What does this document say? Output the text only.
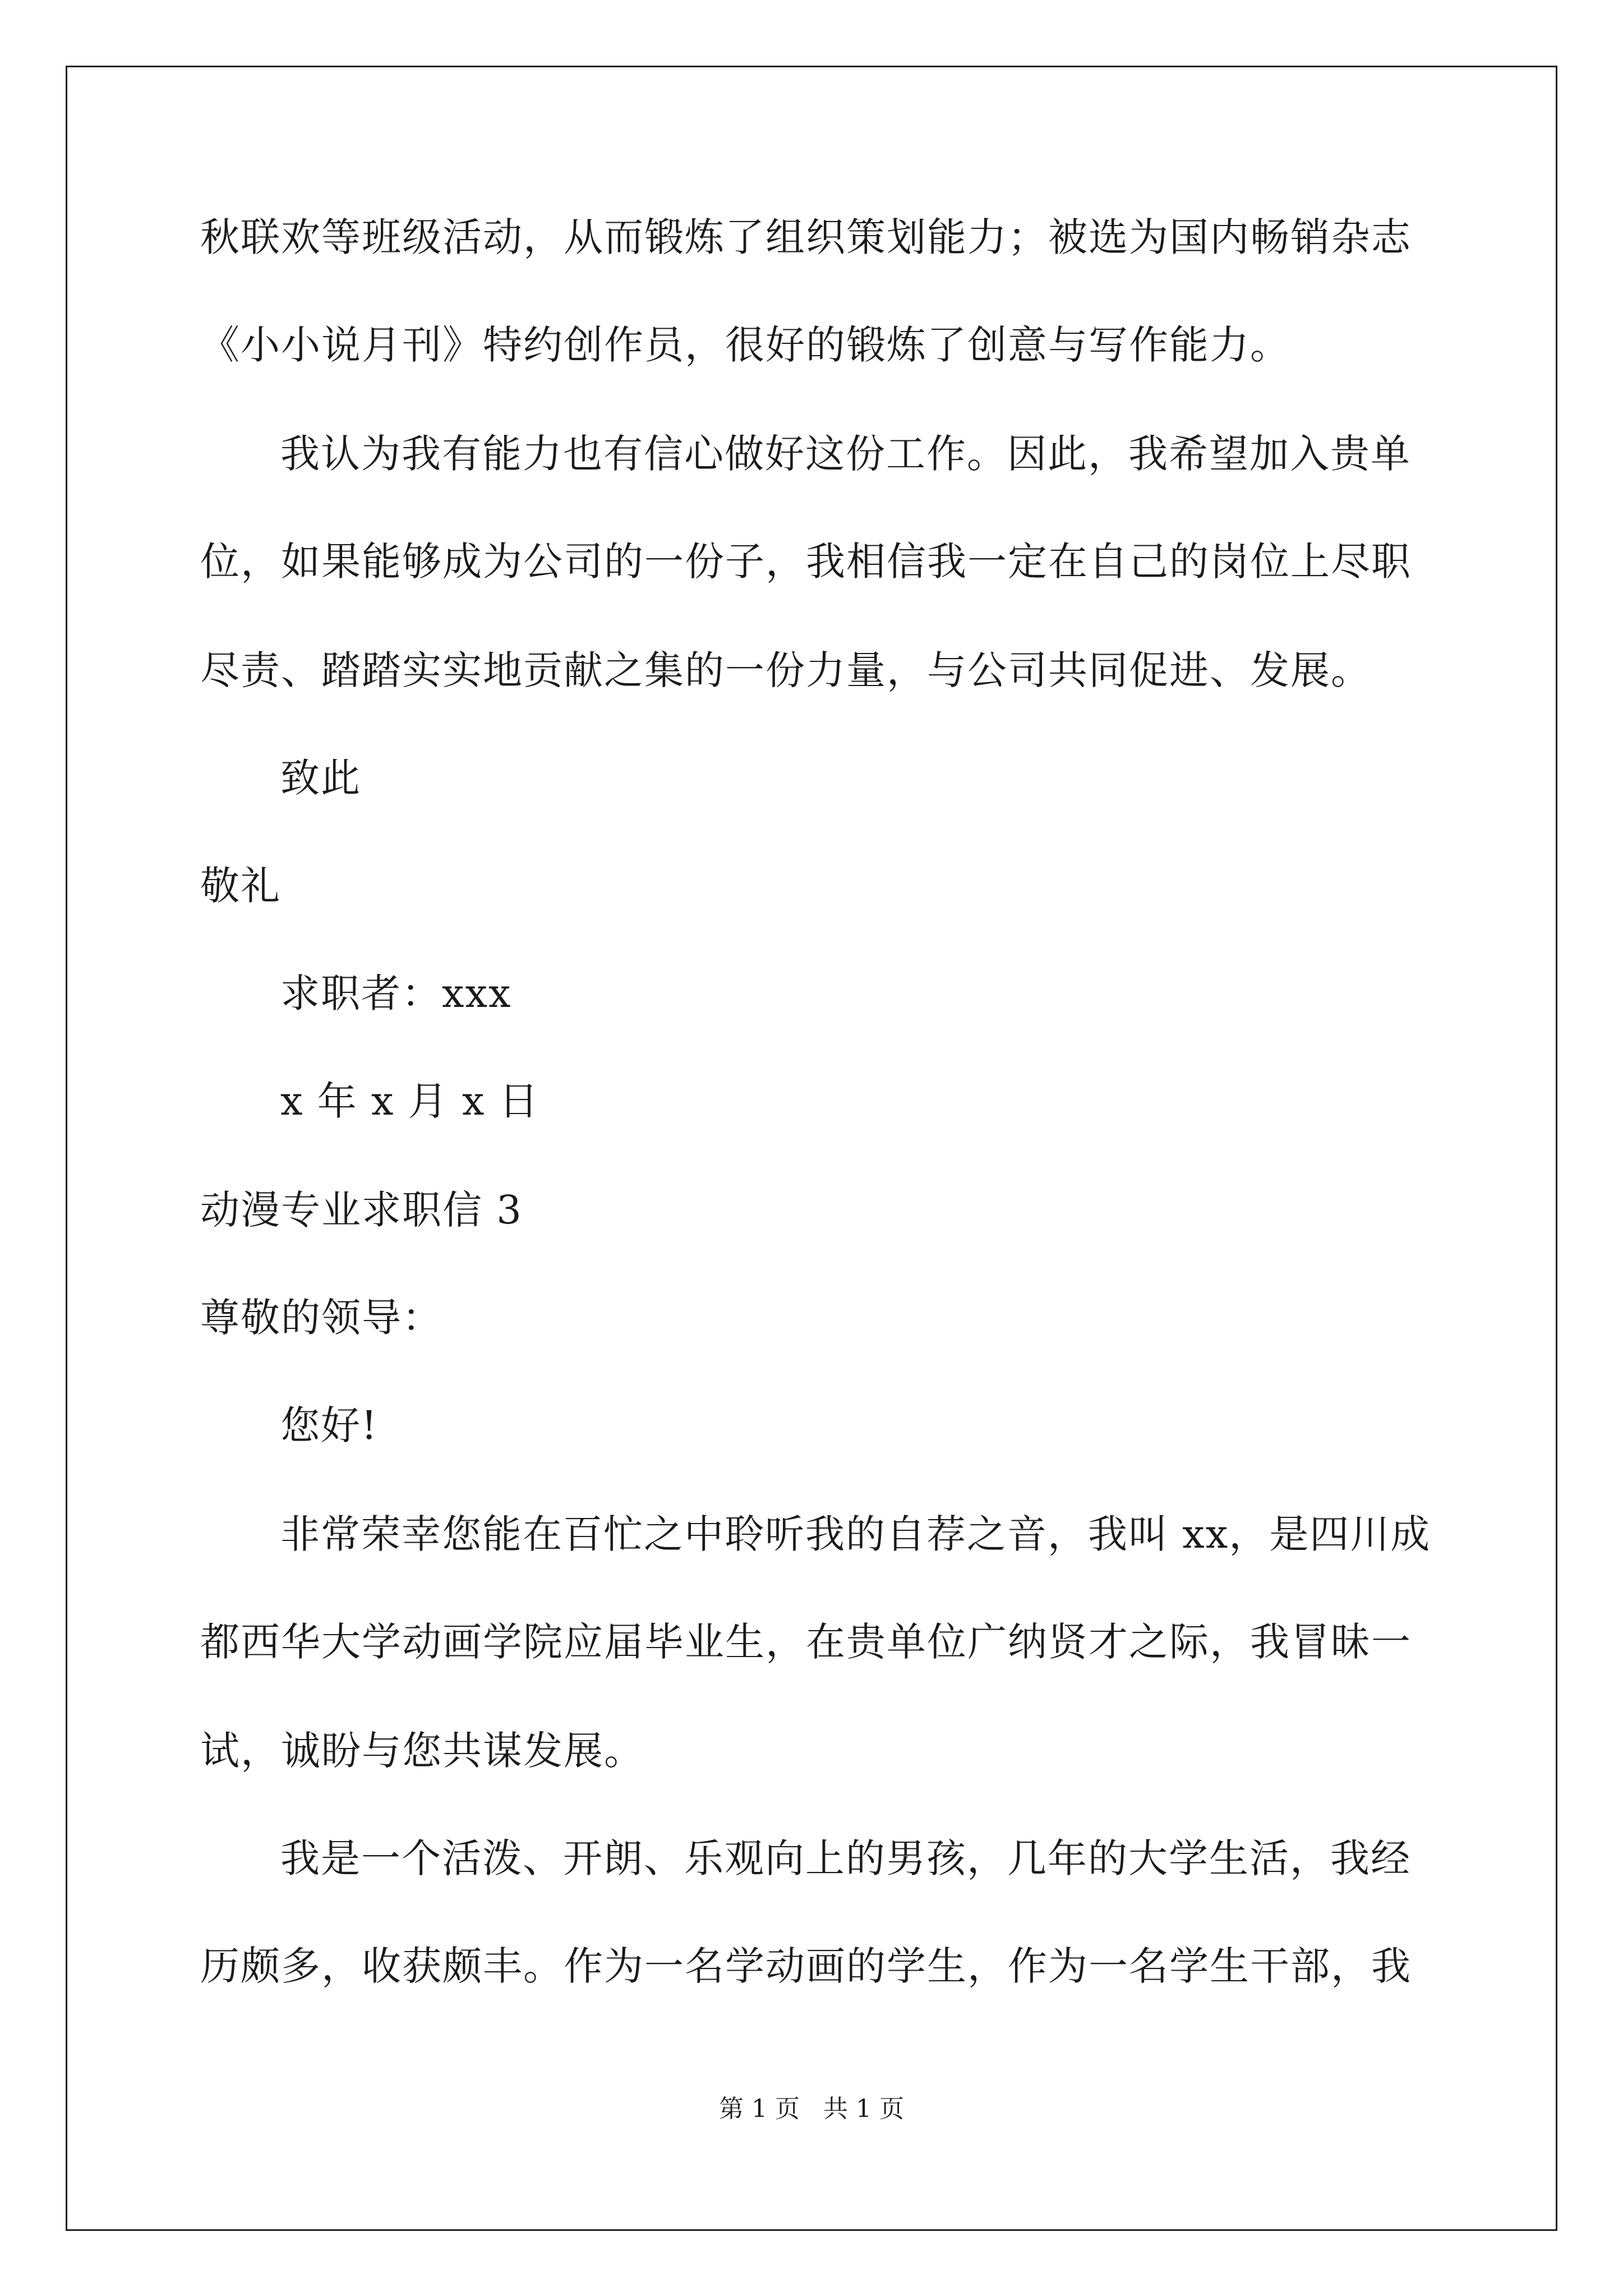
秋联欢等班级活动，从而锻炼了组织策划能力；被选为国内畅销杂志
《小小说月刊》特约创作员，很好的锻炼了创意与写作能力。
我认为我有能力也有信心做好这份工作。因此，我希望加入贵单
位，如果能够成为公司的一份子，我相信我一定在自己的岗位上尽职
尽责、踏踏实实地贡献之集的一份力量，与公司共同促进、发展。
致此
敬礼
求职者：xxx
x 年 x 月 x 日
动漫专业求职信 3
尊敬的领导：
您好!
非常荣幸您能在百忙之中聆听我的自荐之音，我叫 xx，是四川成
都西华大学动画学院应届毕业生，在贵单位广纳贤才之际，我冒昧一
试，诚盼与您共谋发展。
我是一个活泼、开朗、乐观向上的男孩，几年的大学生活，我经
历颇多，收获颇丰。作为一名学动画的学生，作为一名学生干部，我
第 1 页   共 1 页
